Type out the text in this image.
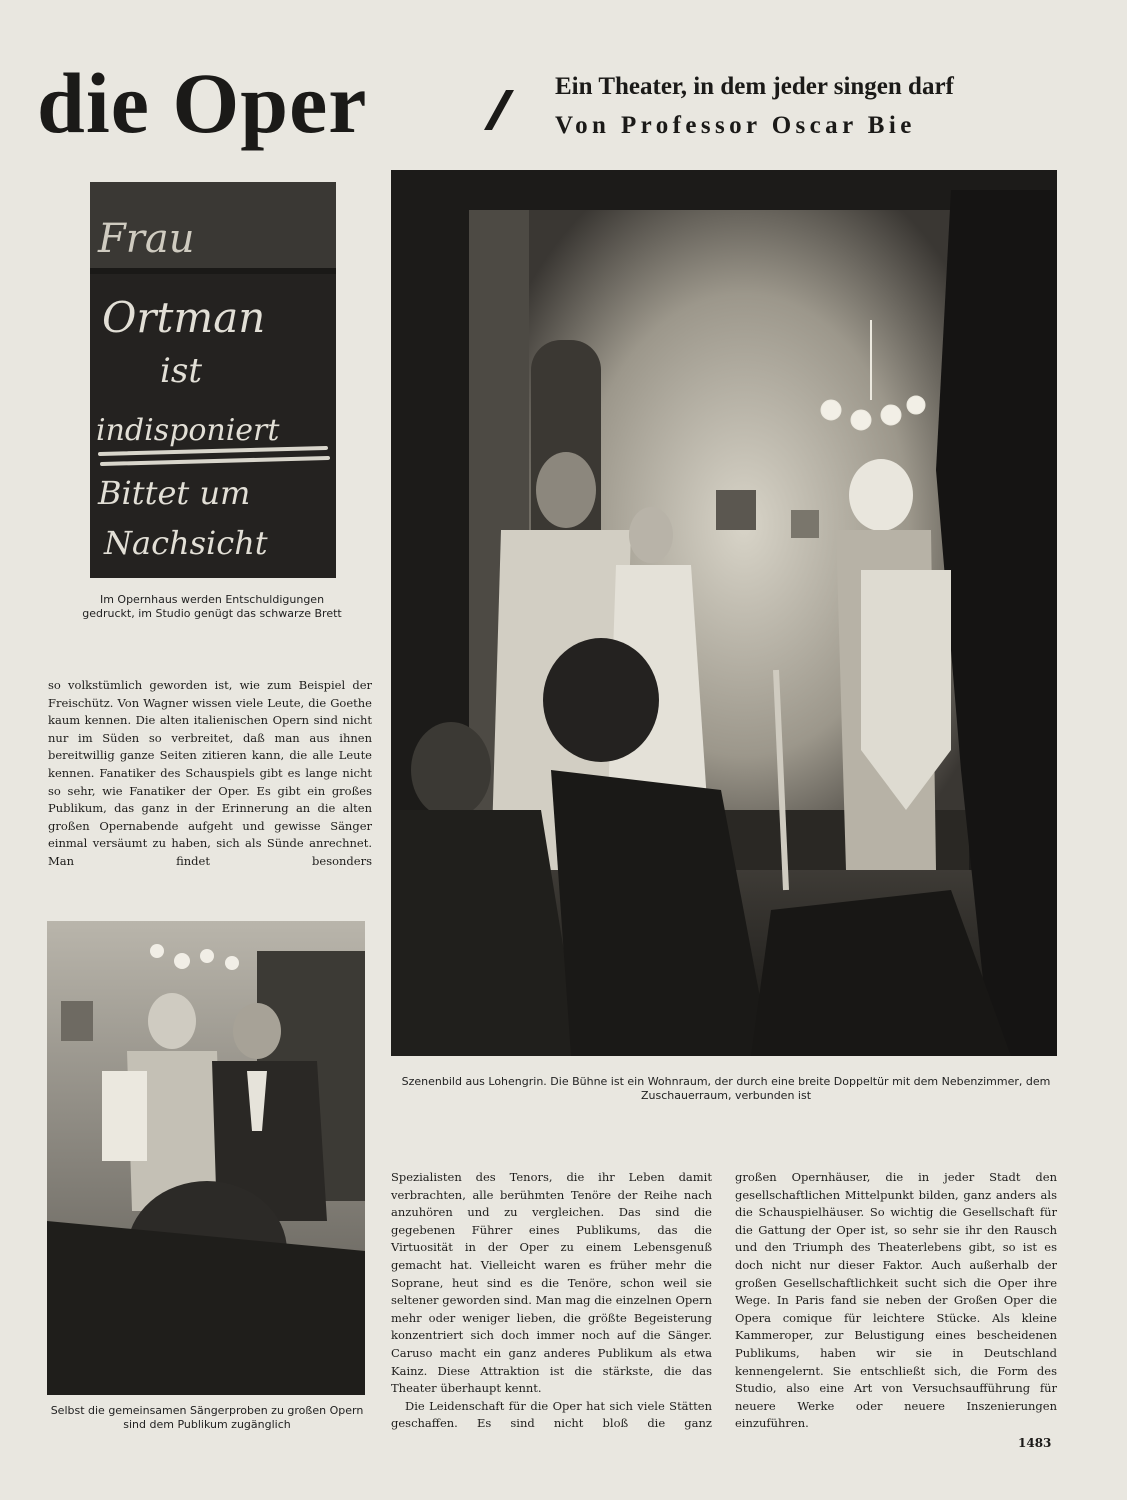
die Oper	Ein Theater, in dem jeder singen darf
Von Professor Oscar Bie
Frau
Ortman
ist
indisponiert
Bittet um
Nachsicht
Im Opernhaus werden Entschuldigungen gedruckt, im Studio genügt das schwarze Brett
Szenenbild aus Lohengrin. Die Bühne ist ein Wohnraum, der durch eine breite Doppeltür mit dem Nebenzimmer, dem Zuschauerraum, verbunden ist
Selbst die gemeinsamen Sängerproben zu großen Opern sind dem Publikum zugänglich

so volkstümlich geworden ist, wie zum Beispiel der Freischütz. Von Wagner wissen viele Leute, die Goethe kaum kennen. Die alten italienischen Opern sind nicht nur im Süden so verbreitet, daß man aus ihnen bereitwillig ganze Seiten zitieren kann, die alle Leute kennen. Fanatiker des Schauspiels gibt es lange nicht so sehr, wie Fanatiker der Oper. Es gibt ein großes Publikum, das ganz in der Erinnerung an die alten großen Opernabende aufgeht und gewisse Sänger einmal versäumt zu haben, sich als Sünde anrechnet. Man findet besonders

Spezialisten des Tenors, die ihr Leben damit verbrachten, alle berühmten Tenöre der Reihe nach anzuhören und zu vergleichen. Das sind die gegebenen Führer eines Publikums, das die Virtuosität in der Oper zu einem Lebensgenuß gemacht hat. Vielleicht waren es früher mehr die Soprane, heut sind es die Tenöre, schon weil sie seltener geworden sind. Man mag die einzelnen Opern mehr oder weniger lieben, die größte Begeisterung konzentriert sich doch immer noch auf die Sänger. Caruso macht ein ganz anderes Publikum als etwa Kainz. Diese Attraktion ist die stärkste, die das Theater überhaupt kennt.

Die Leidenschaft für die Oper hat sich viele Stätten geschaffen. Es sind nicht bloß die ganz

großen Opernhäuser, die in jeder Stadt den gesellschaftlichen Mittelpunkt bilden, ganz anders als die Schauspielhäuser. So wichtig die Gesellschaft für die Gattung der Oper ist, so sehr sie ihr den Rausch und den Triumph des Theaterlebens gibt, so ist es doch nicht nur dieser Faktor. Auch außerhalb der großen Gesellschaftlichkeit sucht sich die Oper ihre Wege. In Paris fand sie neben der Großen Oper die Opera comique für leichtere Stücke. Als kleine Kammeroper, zur Belustigung eines bescheidenen Publikums, haben wir sie in Deutschland kennengelernt. Sie entschließt sich, die Form des Studio, also eine Art von Versuchsaufführung für neuere Werke oder neuere Inszenierungen einzuführen.

1483
